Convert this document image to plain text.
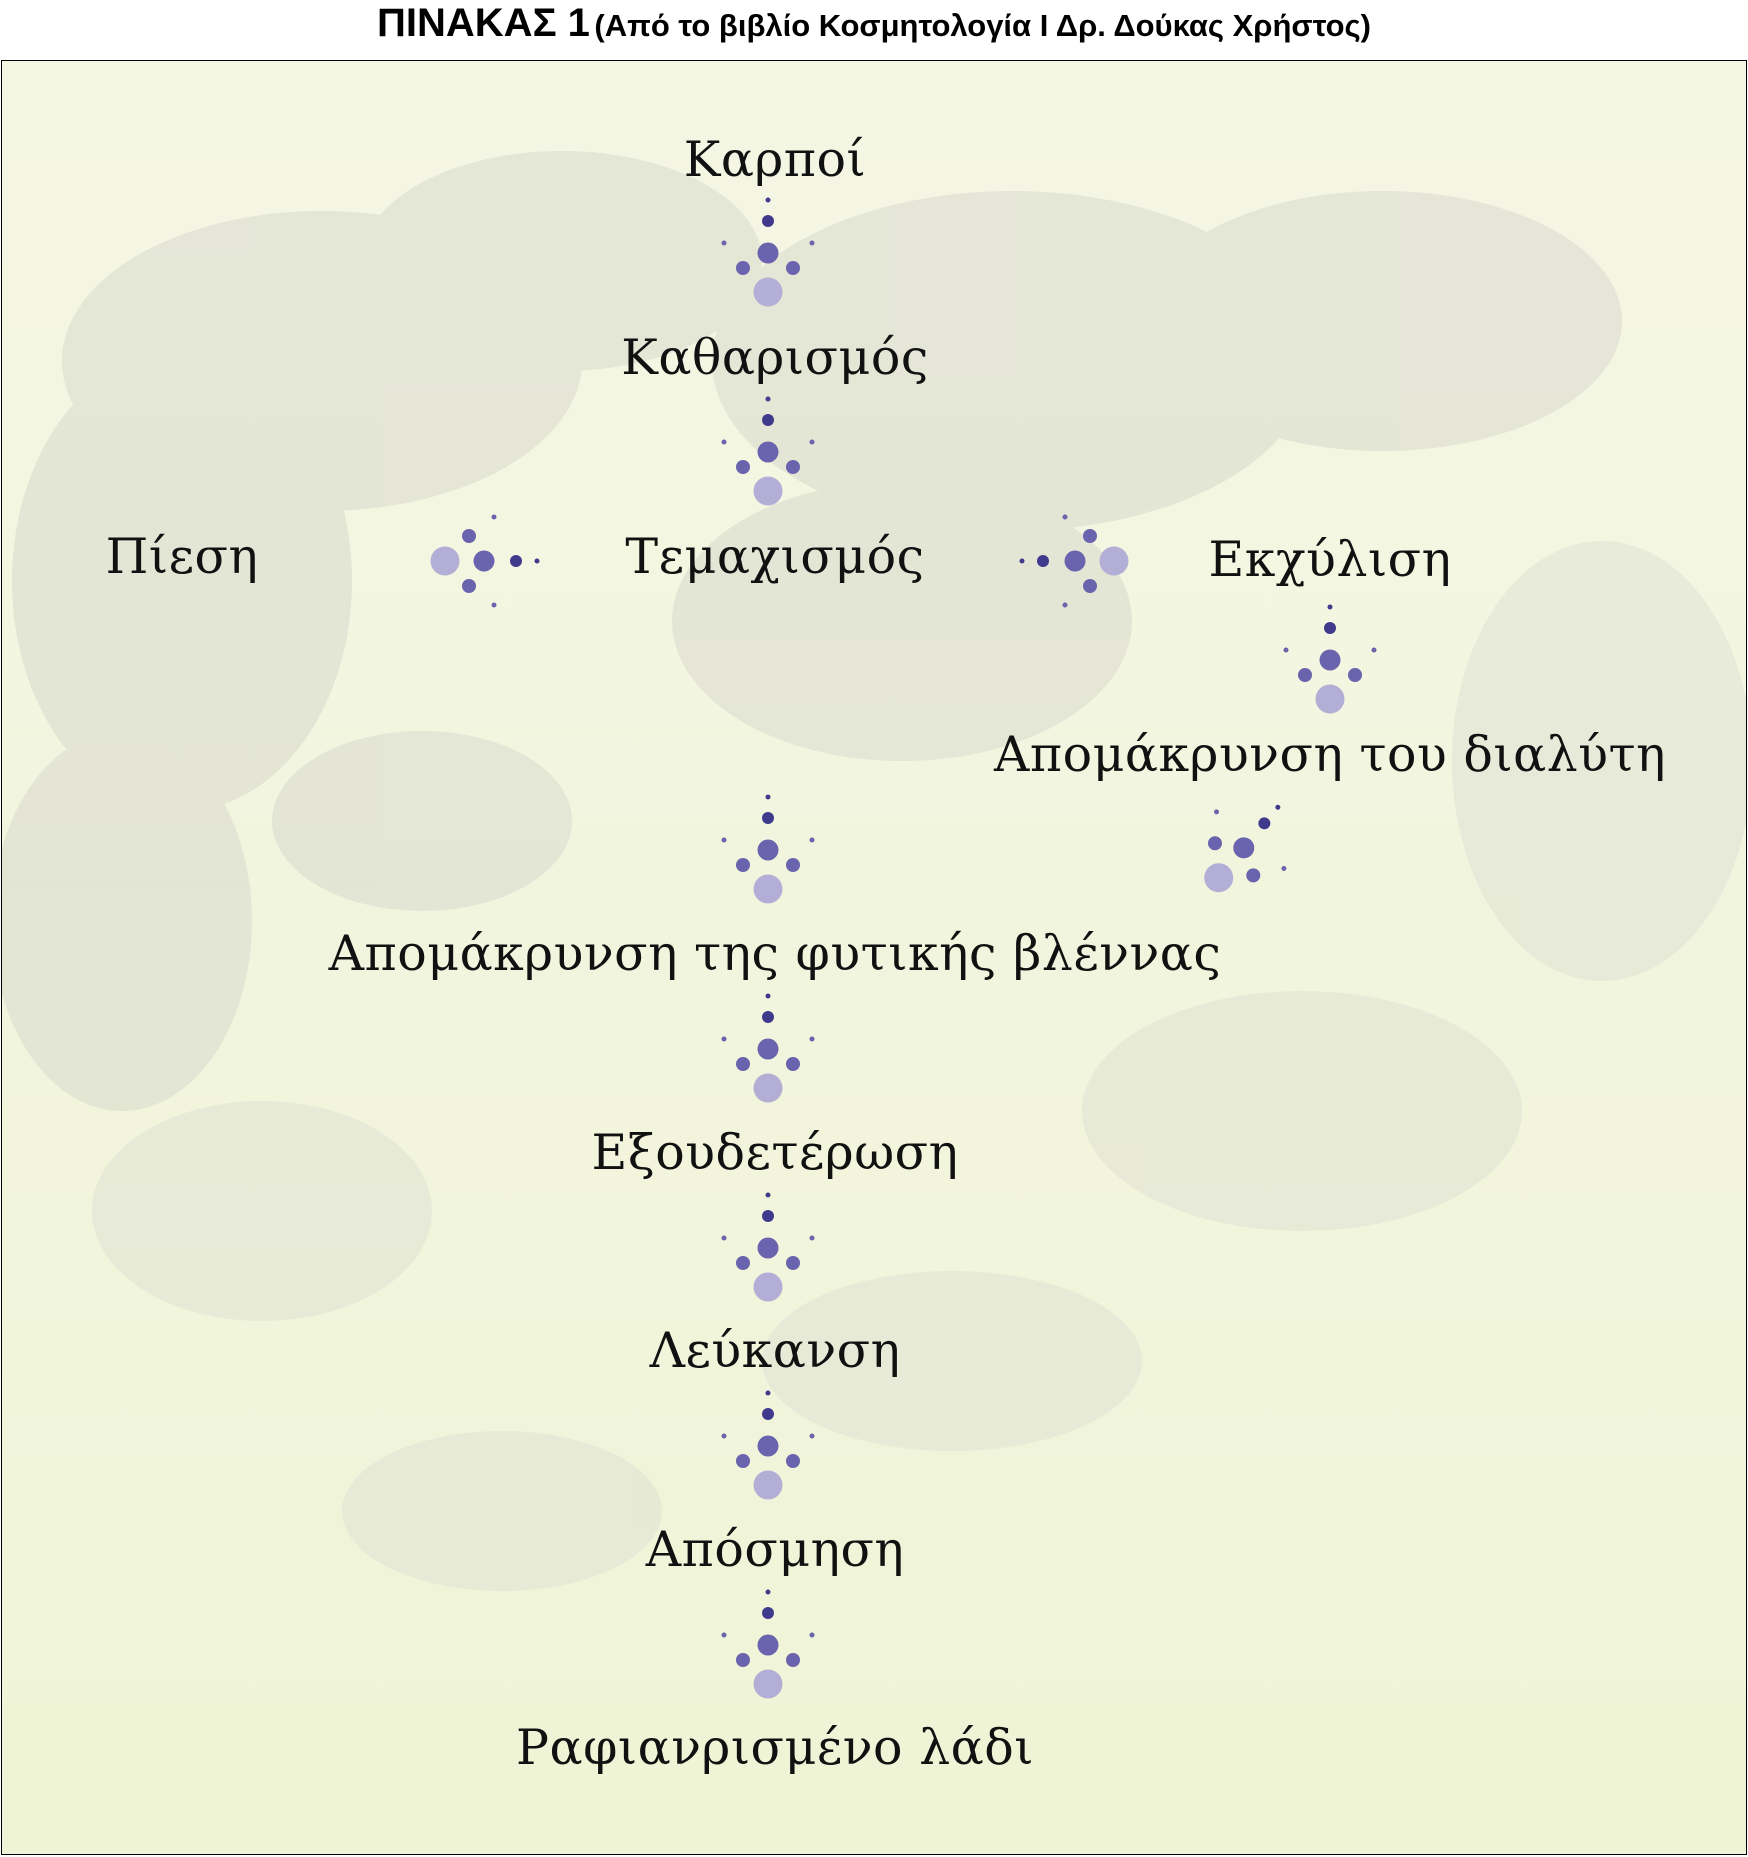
ΠΙΝΑΚΑΣ 1 (Από το βιβλίο Κοσμητολογία Ι Δρ. Δούκας Χρήστος)
Καρποί
Καθαρισμός
Τεμαχισμός
Πίεση	Εκχύλιση
Απομάκρυνση του διαλύτη
Απομάκρυνση της φυτικής βλέννας
Εξουδετέρωση
Λεύκανση
Απόσμηση
Ραφιανρισμένο λάδι
